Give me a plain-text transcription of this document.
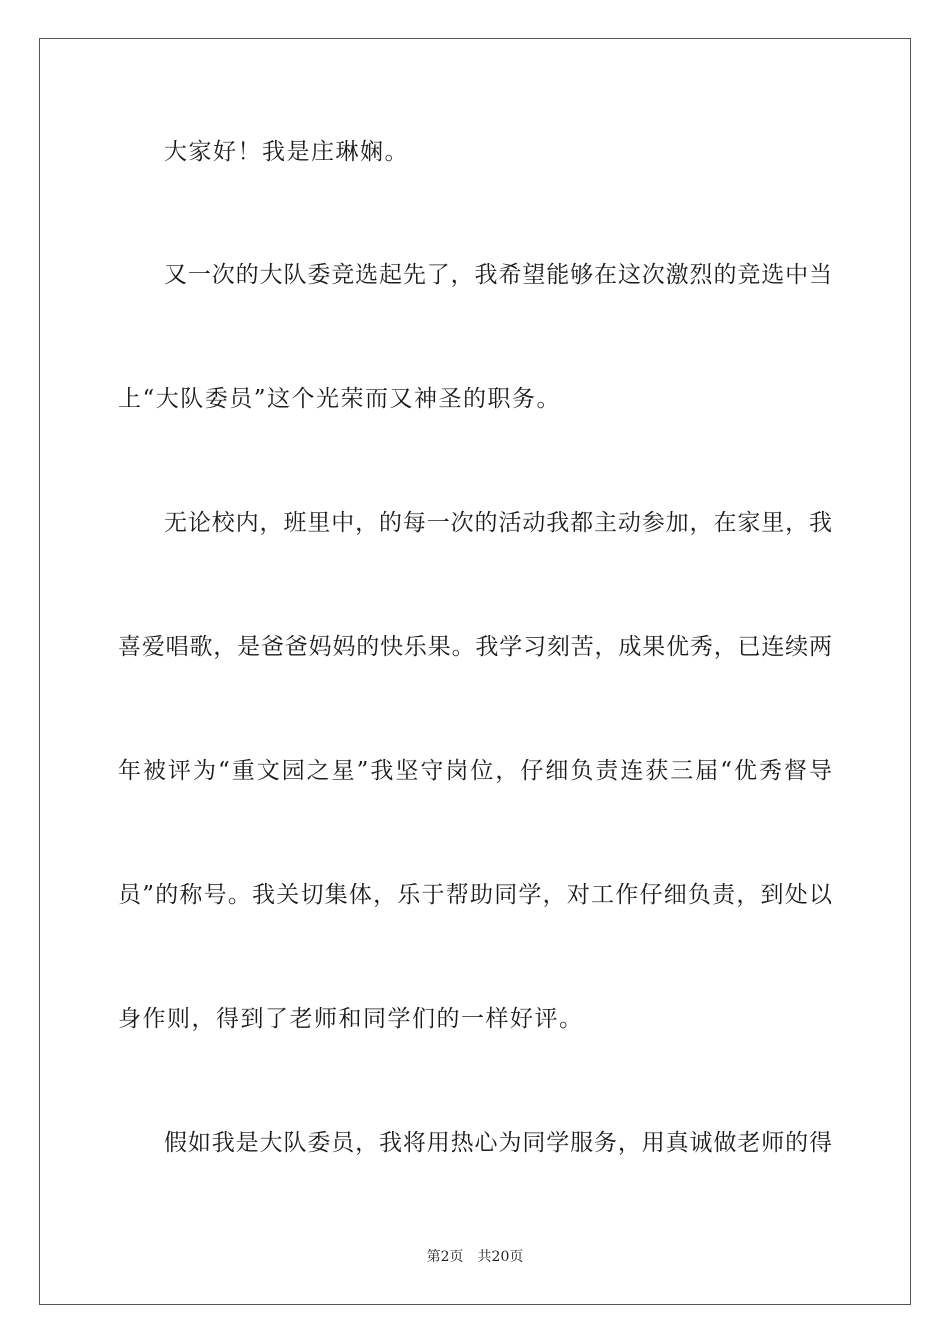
大家好！我是庄琳娴。
又一次的大队委竞选起先了，我希望能够在这次激烈的竞选中当
上“大队委员”这个光荣而又神圣的职务。
无论校内，班里中，的每一次的活动我都主动参加，在家里，我
喜爱唱歌，是爸爸妈妈的快乐果。我学习刻苦，成果优秀，已连续两
年被评为“重文园之星”我坚守岗位，仔细负责连获三届“优秀督导
员”的称号。我关切集体，乐于帮助同学，对工作仔细负责，到处以
身作则，得到了老师和同学们的一样好评。
假如我是大队委员，我将用热心为同学服务，用真诚做老师的得
第2页 共20页
